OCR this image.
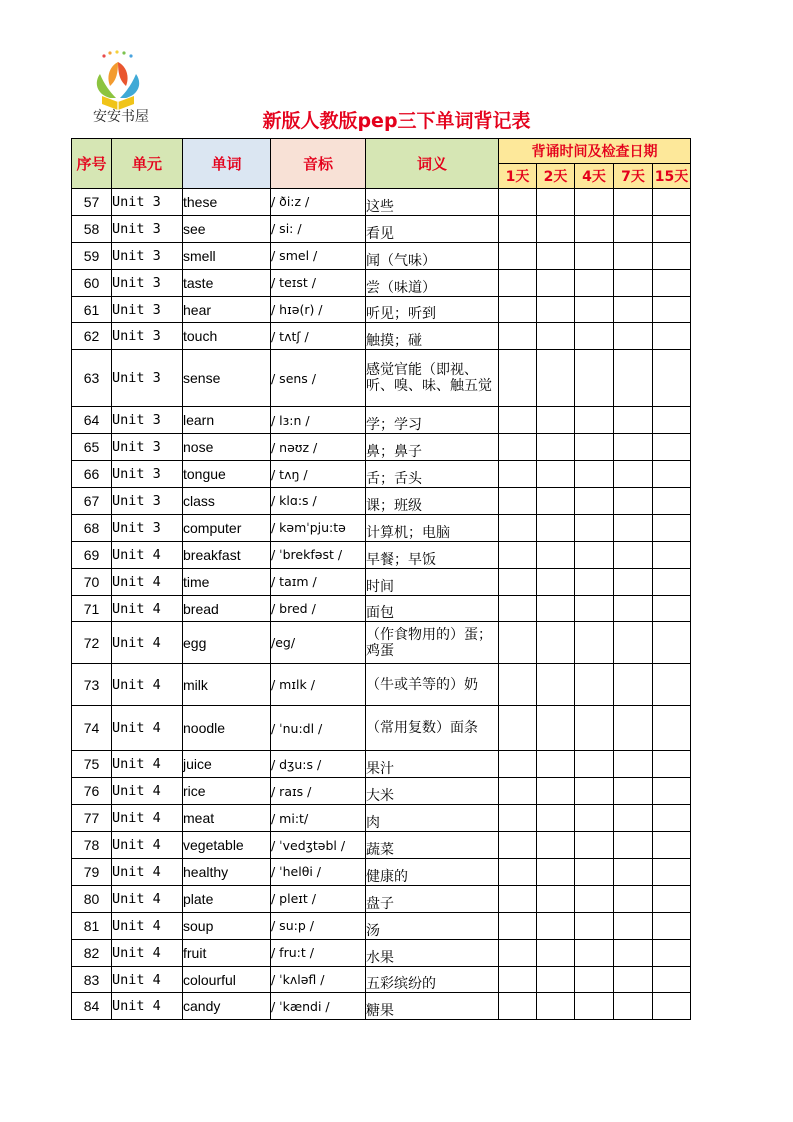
安安书屋	新版人教版pep三下单词背记表
序号	单元	单词	音标	词义	背诵时间及检查日期				
					1天	2天	4天	7天	15天
57	Unit 3	these	/ ði:z /	这些					
58	Unit 3	see	/ si: /	看见					
59	Unit 3	smell	/ smel /	闻（气味）					
60	Unit 3	taste	/ teɪst /	尝（味道）					
61	Unit 3	hear	/ hɪə(r) /	听见；听到					
62	Unit 3	touch	/ tʌtʃ /	触摸；碰					
63	Unit 3	sense	/ sens /	感觉官能（即视、听、嗅、味、触五觉					
64	Unit 3	learn	/ lɜ:n /	学；学习					
65	Unit 3	nose	/ nəʊz /	鼻；鼻子					
66	Unit 3	tongue	/ tʌŋ /	舌；舌头					
67	Unit 3	class	/ klɑ:s /	课；班级					
68	Unit 3	computer	/ kəmˈpju:tə	计算机；电脑					
69	Unit 4	breakfast	/ ˈbrekfəst /	早餐；早饭					
70	Unit 4	time	/ taɪm /	时间					
71	Unit 4	bread	/ bred /	面包					
72	Unit 4	egg	/eg/	（作食物用的）蛋；鸡蛋					
73	Unit 4	milk	/ mɪlk /	（牛或羊等的）奶					
74	Unit 4	noodle	/ ˈnu:dl /	（常用复数）面条					
75	Unit 4	juice	/ dʒu:s /	果汁					
76	Unit 4	rice	/ raɪs /	大米					
77	Unit 4	meat	/ mi:t/	肉					
78	Unit 4	vegetable	/ ˈvedʒtəbl /	蔬菜					
79	Unit 4	healthy	/ ˈhelθi /	健康的					
80	Unit 4	plate	/ pleɪt /	盘子					
81	Unit 4	soup	/ su:p /	汤					
82	Unit 4	fruit	/ fru:t /	水果					
83	Unit 4	colourful	/ ˈkʌləfl /	五彩缤纷的					
84	Unit 4	candy	/ ˈkændi /	糖果					
